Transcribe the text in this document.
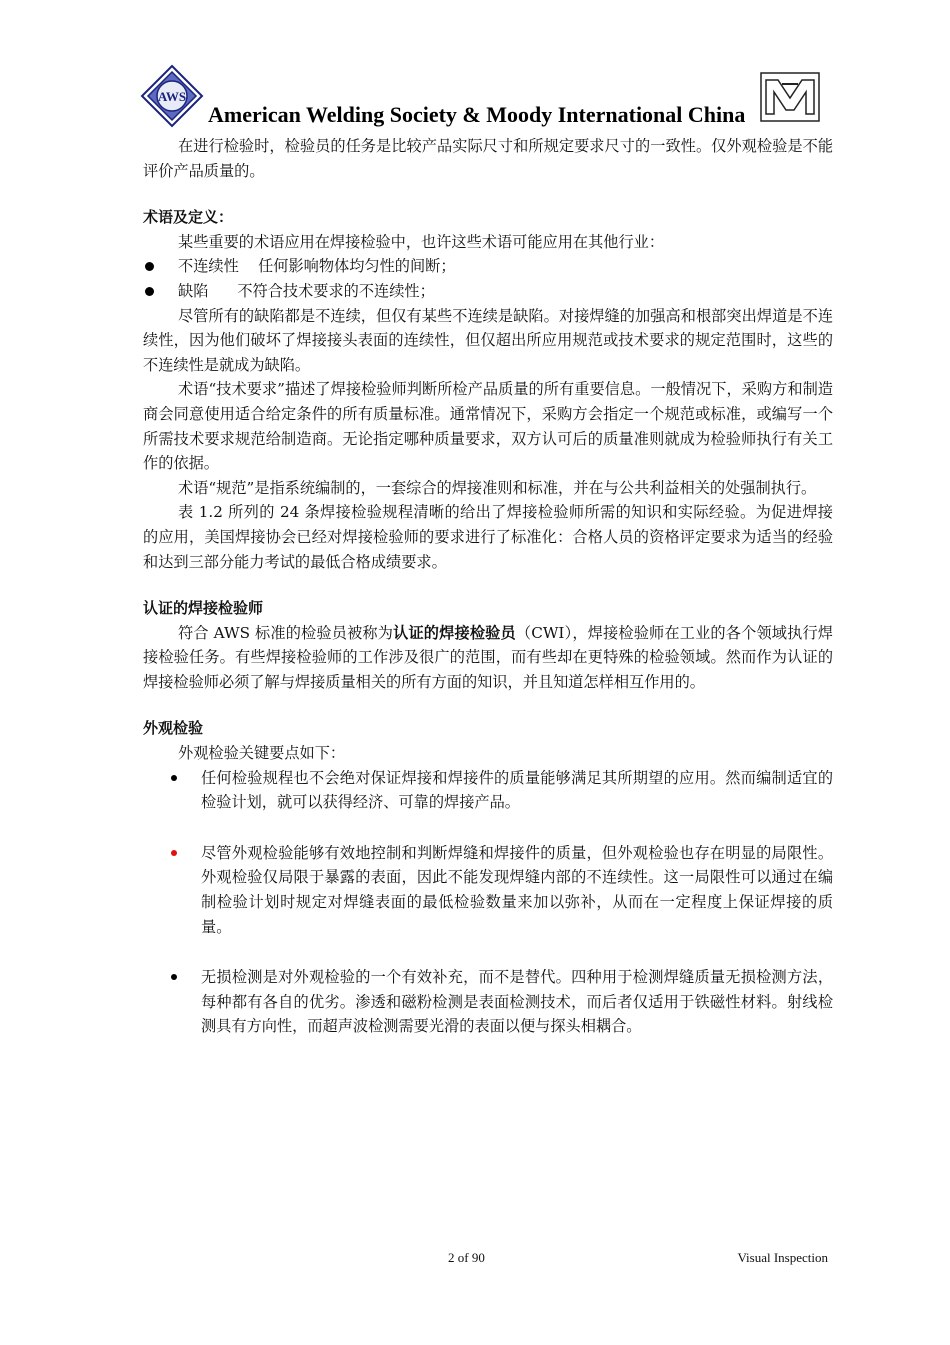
AWS
American Welding Society & Moody International China

在进行检验时，检验员的任务是比较产品实际尺寸和所规定要求尺寸的一致性。仅外观检验是不能评价产品质量的。

术语及定义：

某些重要的术语应用在焊接检验中，也许这些术语可能应用在其他行业：

不连续性 任何影响物体均匀性的间断；
缺陷 不符合技术要求的不连续性；

尽管所有的缺陷都是不连续，但仅有某些不连续是缺陷。对接焊缝的加强高和根部突出焊道是不连续性，因为他们破坏了焊接接头表面的连续性，但仅超出所应用规范或技术要求的规定范围时，这些的不连续性是就成为缺陷。

术语“技术要求”描述了焊接检验师判断所检产品质量的所有重要信息。一般情况下，采购方和制造商会同意使用适合给定条件的所有质量标准。通常情况下，采购方会指定一个规范或标准，或编写一个所需技术要求规范给制造商。无论指定哪种质量要求，双方认可后的质量准则就成为检验师执行有关工作的依据。

术语“规范”是指系统编制的，一套综合的焊接准则和标准，并在与公共利益相关的处强制执行。

表 1.2 所列的 24 条焊接检验规程清晰的给出了焊接检验师所需的知识和实际经验。为促进焊接的应用，美国焊接协会已经对焊接检验师的要求进行了标准化：合格人员的资格评定要求为适当的经验和达到三部分能力考试的最低合格成绩要求。

认证的焊接检验师

符合 AWS 标准的检验员被称为认证的焊接检验员（CWI），焊接检验师在工业的各个领域执行焊接检验任务。有些焊接检验师的工作涉及很广的范围，而有些却在更特殊的检验领域。然而作为认证的焊接检验师必须了解与焊接质量相关的所有方面的知识，并且知道怎样相互作用的。

外观检验

外观检验关键要点如下：

任何检验规程也不会绝对保证焊接和焊接件的质量能够满足其所期望的应用。然而编制适宜的检验计划，就可以获得经济、可靠的焊接产品。

尽管外观检验能够有效地控制和判断焊缝和焊接件的质量，但外观检验也存在明显的局限性。外观检验仅局限于暴露的表面，因此不能发现焊缝内部的不连续性。这一局限性可以通过在编制检验计划时规定对焊缝表面的最低检验数量来加以弥补，从而在一定程度上保证焊接的质量。

无损检测是对外观检验的一个有效补充，而不是替代。四种用于检测焊缝质量无损检测方法，每种都有各自的优劣。渗透和磁粉检测是表面检测技术，而后者仅适用于铁磁性材料。射线检测具有方向性，而超声波检测需要光滑的表面以便与探头相耦合。

2 of 90	Visual Inspection
